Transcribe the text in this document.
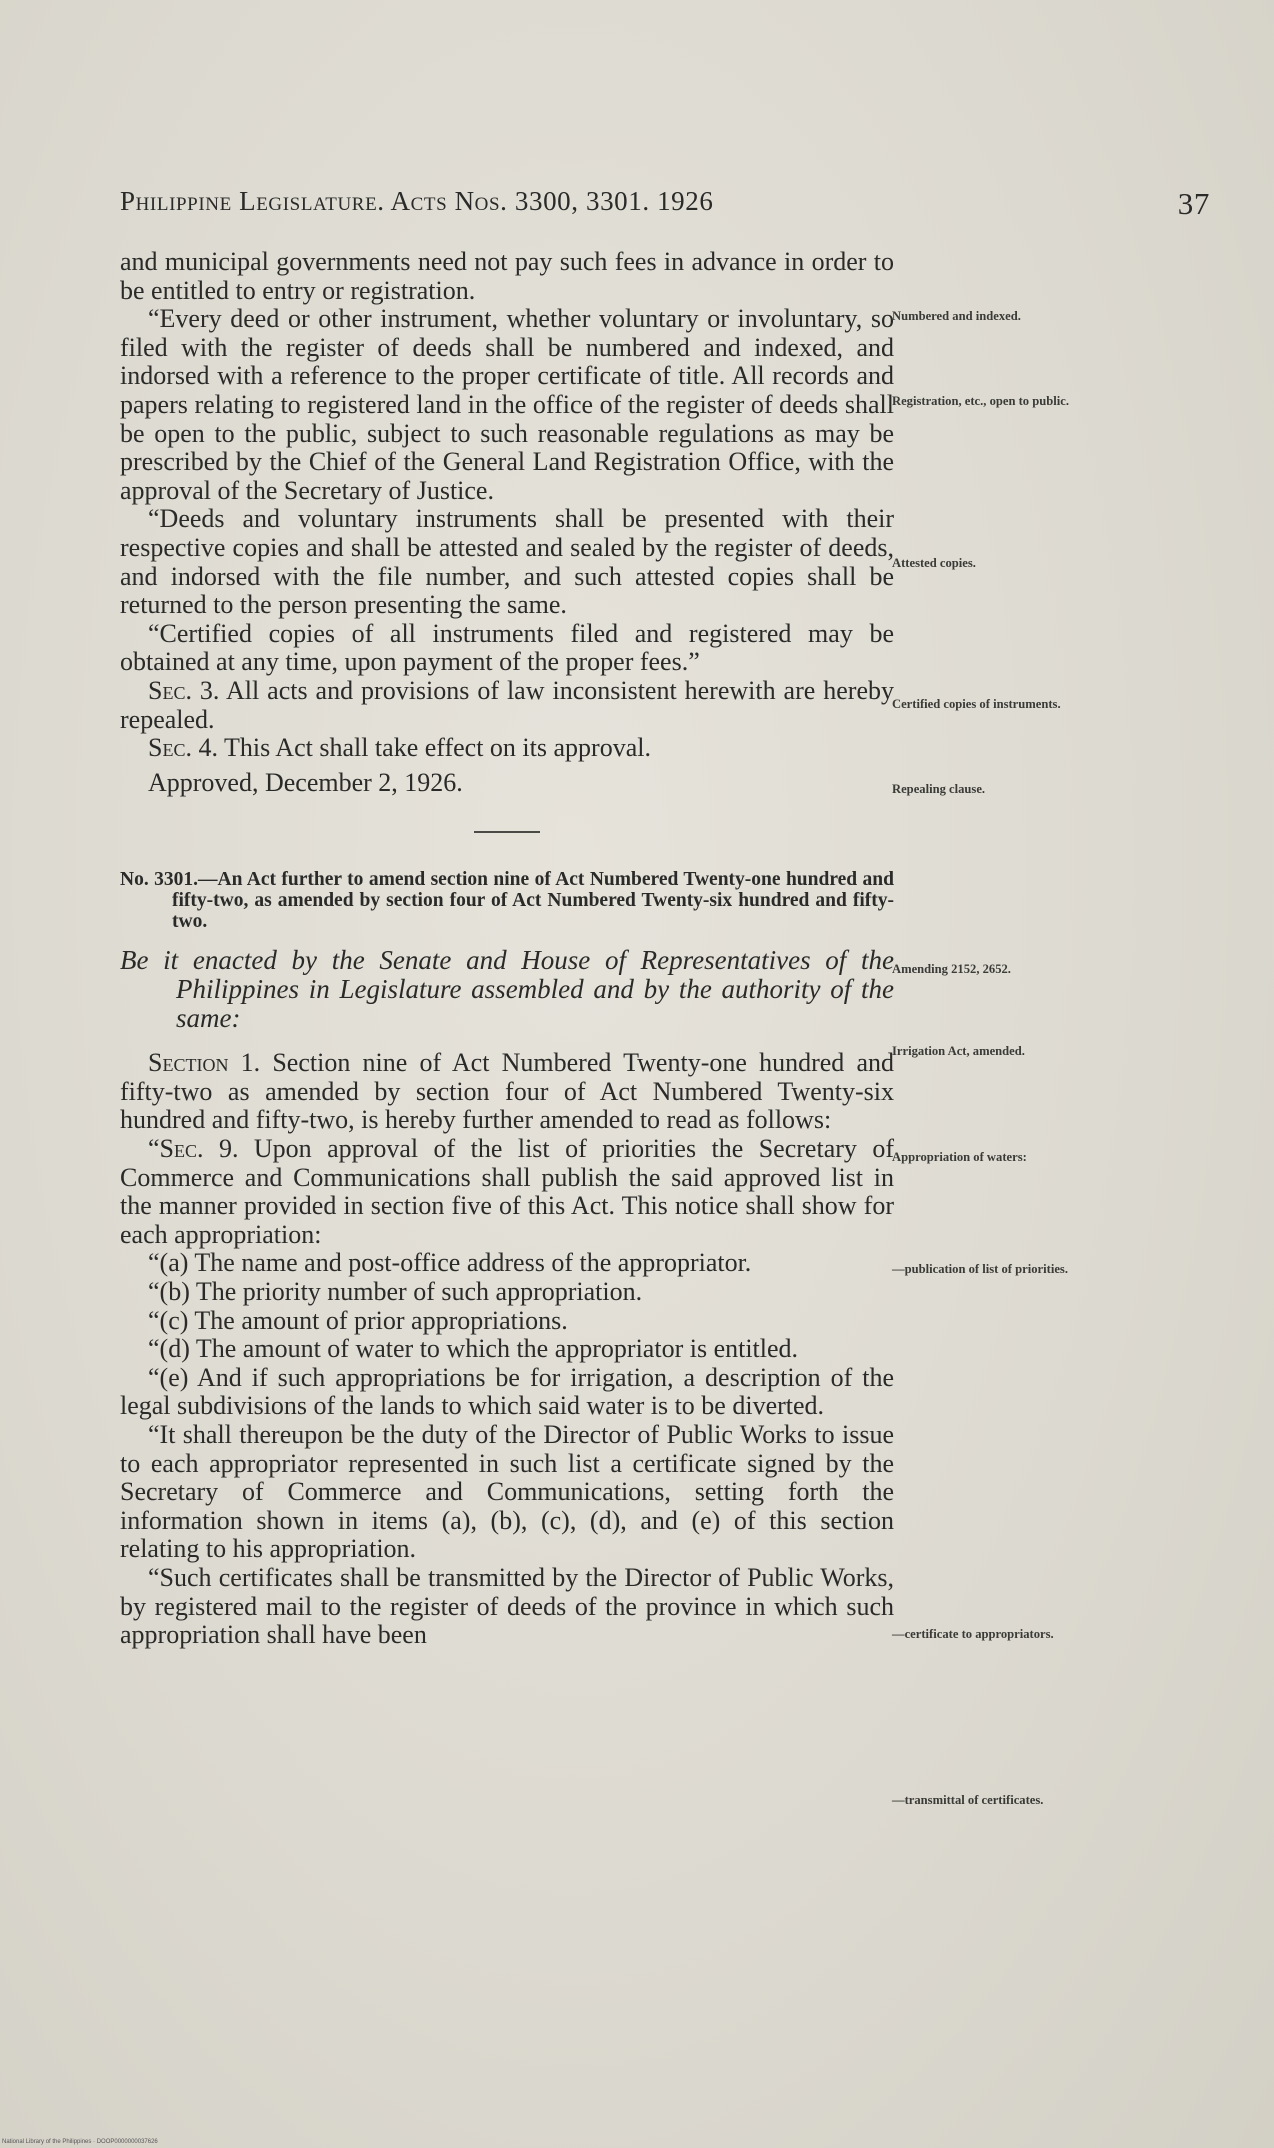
Philippine Legislature. Acts Nos. 3300, 3301. 1926	37

and municipal governments need not pay such fees in advance in order to be entitled to entry or registration.

“Every deed or other instrument, whether voluntary or involuntary, so filed with the register of deeds shall be numbered and indexed, and indorsed with a reference to the proper certificate of title. All records and papers relating to registered land in the office of the register of deeds shall be open to the public, subject to such reasonable regulations as may be prescribed by the Chief of the General Land Registration Office, with the approval of the Secretary of Justice.

“Deeds and voluntary instruments shall be presented with their respective copies and shall be attested and sealed by the register of deeds, and indorsed with the file number, and such attested copies shall be returned to the person presenting the same.

“Certified copies of all instruments filed and registered may be obtained at any time, upon payment of the proper fees.”

Sec. 3. All acts and provisions of law inconsistent herewith are hereby repealed.

Sec. 4. This Act shall take effect on its approval.

Approved, December 2, 1926.

No. 3301.—An Act further to amend section nine of Act Numbered Twenty-one hundred and fifty-two, as amended by section four of Act Numbered Twenty-six hundred and fifty-two.

Be it enacted by the Senate and House of Representatives of the Philippines in Legislature assembled and by the authority of the same:

Section 1. Section nine of Act Numbered Twenty-one hundred and fifty-two as amended by section four of Act Numbered Twenty-six hundred and fifty-two, is hereby further amended to read as follows:

“Sec. 9. Upon approval of the list of priorities the Secretary of Commerce and Communications shall publish the said approved list in the manner provided in section five of this Act. This notice shall show for each appropriation:

“(a) The name and post-office address of the appropriator.

“(b) The priority number of such appropriation.

“(c) The amount of prior appropriations.

“(d) The amount of water to which the appropriator is entitled.

“(e) And if such appropriations be for irrigation, a description of the legal subdivisions of the lands to which said water is to be diverted.

“It shall thereupon be the duty of the Director of Public Works to issue to each appropriator represented in such list a certificate signed by the Secretary of Commerce and Communications, setting forth the information shown in items (a), (b), (c), (d), and (e) of this section relating to his appropriation.

“Such certificates shall be transmitted by the Director of Public Works, by registered mail to the register of deeds of the province in which such appropriation shall have been

Numbered and indexed.
Registration, etc., open to public.
Attested copies.
Certified copies of instruments.
Repealing clause.
Amending 2152, 2652.
Irrigation Act, amended.
Appropriation of waters:
—publication of list of priorities.
—certificate to appropriators.
—transmittal of certificates.
National Library of the Philippines · DOOP0000000037626
